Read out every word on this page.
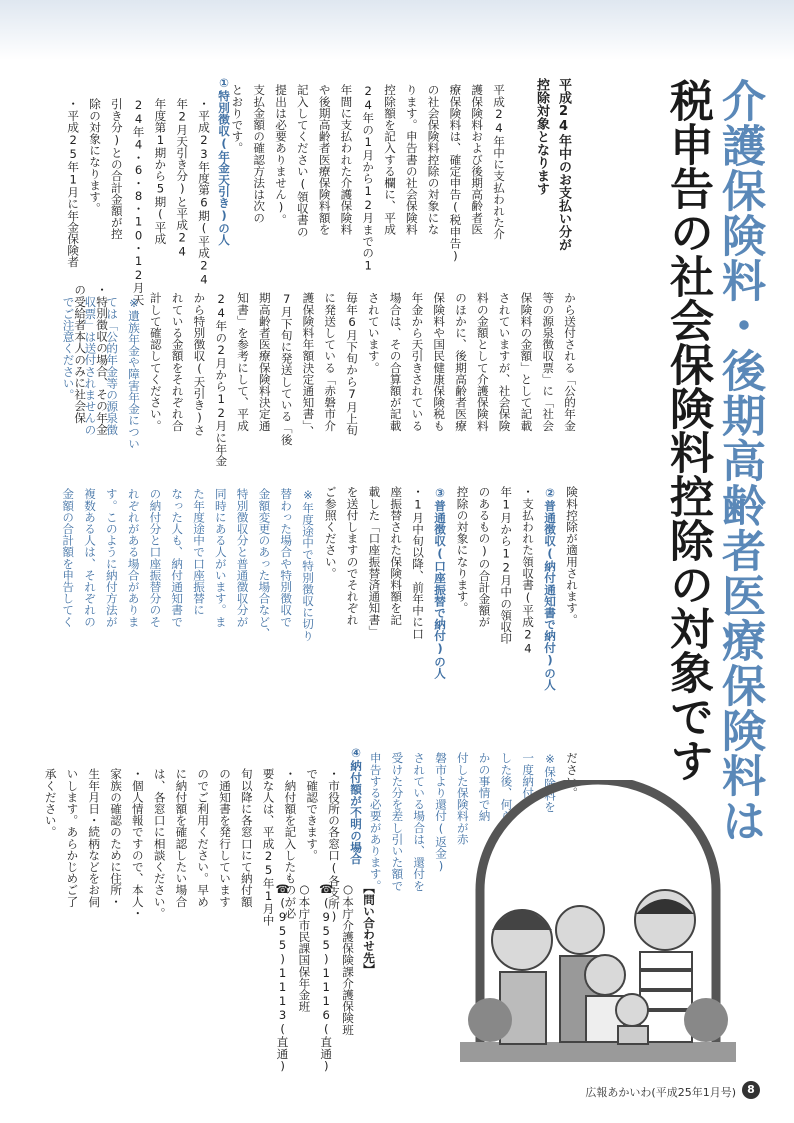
介護保険料・後期高齢者医療保険料は
税申告の社会保険料控除の対象です
平成24年中のお支払い分が
控除対象となります
平成24年中に支払われた介
護保険料および後期高齢者医
療保険料は、確定申告(税申告)
の社会保険料控除の対象にな
ります。申告書の社会保険料
控除額を記入する欄に、平成
24年の1月から12月までの1
年間に支払われた介護保険料
や後期高齢者医療保険料額を
記入してください(領収書の
提出は必要ありません)。
支払金額の確認方法は次の
とおりです。
①特別徴収(年金天引き)の人
・平成23年度第6期(平成24
年2月天引き分)と平成24
年度第1期から5期(平成
24年4・6・8・10・12月天
引き分)との合計金額が控
除の対象になります。
・平成25年1月に年金保険者
から送付される「公的年金
等の源泉徴収票」に「社会
保険料の金額」として記載
されていますが、社会保険
料の金額として介護保険料
のほかに、後期高齢者医療
保険料や国民健康保険税も
年金から天引きされている
場合は、その合算額が記載
されています。
毎年6月下旬から7月上旬
に発送している「赤磐市介
護保険料年額決定通知書」、
7月下旬に発送している「後
期高齢者医療保険料決定通
知書」を参考にして、平成
24年の2月から12月に年金
から特別徴収(天引き)さ
れている金額をそれぞれ合
計して確認してください。
※遺族年金や障害年金につい
ては「公的年金等の源泉徴
収票」は送付されませんの
でご注意ください。	・特別徴収の場合、その年金
の受給者本人のみに社会保
険料控除が適用されます。
②普通徴収(納付通知書で納付)の人
・支払われた領収書(平成24
年1月から12月中の領収印
のあるもの)の合計金額が
控除の対象になります。
③普通徴収(口座振替で納付)の人
・1月中旬以降、前年中に口
座振替された保険料額を記
載した「口座振替済通知書」
を送付しますのでそれぞれ
ご参照ください。
※年度途中で特別徴収に切り
替わった場合や特別徴収で
金額変更のあった場合など、
特別徴収分と普通徴収分が
同時にある人がいます。ま
た年度途中で口座振替に
なった人も、納付通知書で
の納付分と口座振替分のそ
れぞれがある場合がありま
す。このように納付方法が
複数ある人は、それぞれの
金額の合計額を申告してく
ださい。
※保険料を
一度納付
した後、何ら
かの事情で納
付した保険料が赤
磐市より還付(返金)
されている場合は、還付を
受けた分を差し引いた額で
申告する必要があります。
④納付額が不明の場合
・市役所の各窓口(各支所)
で確認できます。
・納付額を記入したものが必
要な人は、平成25年1月中
旬以降に各窓口にて納付額
の通知書を発行しています
のでご利用ください。早め
に納付額を確認したい場合
は、各窓口に相談ください。
・個人情報ですので、本人・
家族の確認のために住所・
生年月日・続柄などをお伺
いします。あらかじめご了
承ください。
【問い合わせ先】
○本庁介護保険課介護保険班
☎(955)1116(直通)
○本庁市民課国保年金班
☎(955)1113(直通)
広報あかいわ(平成25年1月号)	8
